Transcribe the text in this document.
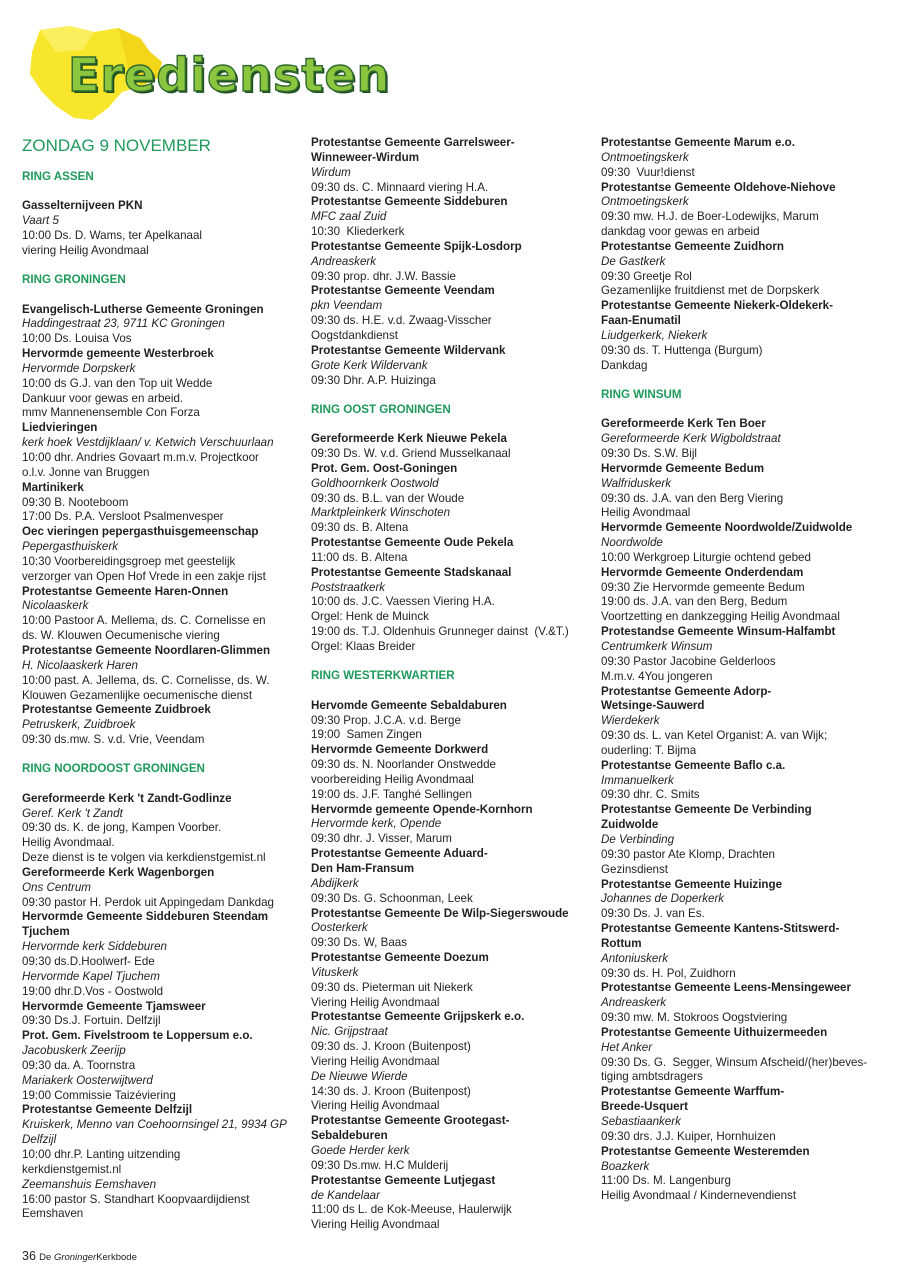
Erediensten
ZONDAG 9 NOVEMBER
RING ASSEN
Gasselternijveen PKN
Vaart 5
10:00 Ds. D. Wams, ter Apelkanaal
viering Heilig Avondmaal
RING GRONINGEN
Evangelisch-Lutherse Gemeente Groningen
Haddingestraat 23, 9711 KC Groningen
10:00 Ds. Louisa Vos
Hervormde gemeente Westerbroek
Hervormde Dorpskerk
10:00 ds G.J. van den Top uit Wedde
Dankuur voor gewas en arbeid.
mmv Mannenensemble Con Forza
Liedvieringen
kerk hoek Vestdijklaan/ v. Ketwich Verschuurlaan
10:00 dhr. Andries Govaart m.m.v. Projectkoor
o.l.v. Jonne van Bruggen
Martinikerk
09:30 B. Nooteboom
17:00 Ds. P.A. Versloot Psalmenvesper
Oec vieringen pepergasthuisgemeenschap
Pepergasthuiskerk
10:30 Voorbereidingsgroep met geestelijk
verzorger van Open Hof Vrede in een zakje rijst
Protestantse Gemeente Haren-Onnen
Nicolaaskerk
10:00 Pastoor A. Mellema, ds. C. Cornelisse en
ds. W. Klouwen Oecumenische viering
Protestantse Gemeente Noordlaren-Glimmen
H. Nicolaaskerk Haren
10:00 past. A. Jellema, ds. C. Cornelisse, ds. W.
Klouwen Gezamenlijke oecumenische dienst
Protestantse Gemeente Zuidbroek
Petruskerk, Zuidbroek
09:30 ds.mw. S. v.d. Vrie, Veendam
RING NOORDOOST GRONINGEN
Gereformeerde Kerk 't Zandt-Godlinze
Geref. Kerk 't Zandt
09:30 ds. K. de jong, Kampen Voorber.
Heilig Avondmaal.
Deze dienst is te volgen via kerkdienstgemist.nl
Gereformeerde Kerk Wagenborgen
Ons Centrum
09:30 pastor H. Perdok uit Appingedam Dankdag
Hervormde Gemeente Siddeburen Steendam
Tjuchem
Hervormde kerk Siddeburen
09:30 ds.D.Hoolwerf- Ede
Hervormde Kapel Tjuchem
19:00 dhr.D.Vos - Oostwold
Hervormde Gemeente Tjamsweer
09:30 Ds.J. Fortuin. Delfzijl
Prot. Gem. Fivelstroom te Loppersum e.o.
Jacobuskerk Zeerijp
09:30 da. A. Toornstra
Mariakerk Oosterwijtwerd
19:00 Commissie Taizéviering
Protestantse Gemeente Delfzijl
Kruiskerk, Menno van Coehoornsingel 21, 9934 GP
Delfzijl
10:00 dhr.P. Lanting uitzending
kerkdienstgemist.nl
Zeemanshuis Eemshaven
16:00 pastor S. Standhart Koopvaardijdienst
Eemshaven
Protestantse Gemeente Garrelsweer-
Winneweer-Wirdum
Wirdum
09:30 ds. C. Minnaard viering H.A.
Protestantse Gemeente Siddeburen
MFC zaal Zuid
10:30  Kliederkerk
Protestantse Gemeente Spijk-Losdorp
Andreaskerk
09:30 prop. dhr. J.W. Bassie
Protestantse Gemeente Veendam
pkn Veendam
09:30 ds. H.E. v.d. Zwaag-Visscher
Oogstdankdienst
Protestantse Gemeente Wildervank
Grote Kerk Wildervank
09:30 Dhr. A.P. Huizinga
RING OOST GRONINGEN
Gereformeerde Kerk Nieuwe Pekela
09:30 Ds. W. v.d. Griend Musselkanaal
Prot. Gem. Oost-Goningen
Goldhoornkerk Oostwold
09:30 ds. B.L. van der Woude
Marktpleinkerk Winschoten
09:30 ds. B. Altena
Protestantse Gemeente Oude Pekela
11:00 ds. B. Altena
Protestantse Gemeente Stadskanaal
Poststraatkerk
10:00 ds. J.C. Vaessen Viering H.A.
Orgel: Henk de Muinck
19:00 ds. T.J. Oldenhuis Grunneger dainst  (V.&T.)
Orgel: Klaas Breider
RING WESTERKWARTIER
Hervomde Gemeente Sebaldaburen
09:30 Prop. J.C.A. v.d. Berge
19:00  Samen Zingen
Hervormde Gemeente Dorkwerd
09:30 ds. N. Noorlander Onstwedde
voorbereiding Heilig Avondmaal
19:00 ds. J.F. Tanghé Sellingen
Hervormde gemeente Opende-Kornhorn
Hervormde kerk, Opende
09:30 dhr. J. Visser, Marum
Protestantse Gemeente Aduard-
Den Ham-Fransum
Abdijkerk
09:30 Ds. G. Schoonman, Leek
Protestantse Gemeente De Wilp-Siegerswoude
Oosterkerk
09:30 Ds. W, Baas
Protestantse Gemeente Doezum
Vituskerk
09:30 ds. Pieterman uit Niekerk
Viering Heilig Avondmaal
Protestantse Gemeente Grijpskerk e.o.
Nic. Grijpstraat
09:30 ds. J. Kroon (Buitenpost)
Viering Heilig Avondmaal
De Nieuwe Wierde
14:30 ds. J. Kroon (Buitenpost)
Viering Heilig Avondmaal
Protestantse Gemeente Grootegast-
Sebaldeburen
Goede Herder kerk
09:30 Ds.mw. H.C Mulderij
Protestantse Gemeente Lutjegast
de Kandelaar
11:00 ds L. de Kok-Meeuse, Haulerwijk
Viering Heilig Avondmaal
Protestantse Gemeente Marum e.o.
Ontmoetingskerk
09:30  Vuur!dienst
Protestantse Gemeente Oldehove-Niehove
Ontmoetingskerk
09:30 mw. H.J. de Boer-Lodewijks, Marum
dankdag voor gewas en arbeid
Protestantse Gemeente Zuidhorn
De Gastkerk
09:30 Greetje Rol
Gezamenlijke fruitdienst met de Dorpskerk
Protestantse Gemeente Niekerk-Oldekerk-
Faan-Enumatil
Liudgerkerk, Niekerk
09:30 ds. T. Huttenga (Burgum)
Dankdag
RING WINSUM
Gereformeerde Kerk Ten Boer
Gereformeerde Kerk Wigboldstraat
09:30 Ds. S.W. Bijl
Hervormde Gemeente Bedum
Walfriduskerk
09:30 ds. J.A. van den Berg Viering
Heilig Avondmaal
Hervormde Gemeente Noordwolde/Zuidwolde
Noordwolde
10:00 Werkgroep Liturgie ochtend gebed
Hervormde Gemeente Onderdendam
09:30 Zie Hervormde gemeente Bedum
19:00 ds. J.A. van den Berg, Bedum
Voortzetting en dankzegging Heilig Avondmaal
Protestandse Gemeente Winsum-Halfambt
Centrumkerk Winsum
09:30 Pastor Jacobine Gelderloos
M.m.v. 4You jongeren
Protestantse Gemeente Adorp-
Wetsinge-Sauwerd
Wierdekerk
09:30 ds. L. van Ketel Organist: A. van Wijk;
ouderling: T. Bijma
Protestantse Gemeente Baflo c.a.
Immanuelkerk
09:30 dhr. C. Smits
Protestantse Gemeente De Verbinding
Zuidwolde
De Verbinding
09:30 pastor Ate Klomp, Drachten
Gezinsdienst
Protestantse Gemeente Huizinge
Johannes de Doperkerk
09:30 Ds. J. van Es.
Protestantse Gemeente Kantens-Stitswerd-
Rottum
Antoniuskerk
09:30 ds. H. Pol, Zuidhorn
Protestantse Gemeente Leens-Mensingeweer
Andreaskerk
09:30 mw. M. Stokroos Oogstviering
Protestantse Gemeente Uithuizermeeden
Het Anker
09:30 Ds. G.  Segger, Winsum Afscheid/(her)beves-
tiging ambtsdragers
Protestantse Gemeente Warffum-
Breede-Usquert
Sebastiaankerk
09:30 drs. J.J. Kuiper, Hornhuizen
Protestantse Gemeente Westeremden
Boazkerk
11:00 Ds. M. Langenburg
Heilig Avondmaal / Kindernevendienst
36 De GroningerKerkbode
